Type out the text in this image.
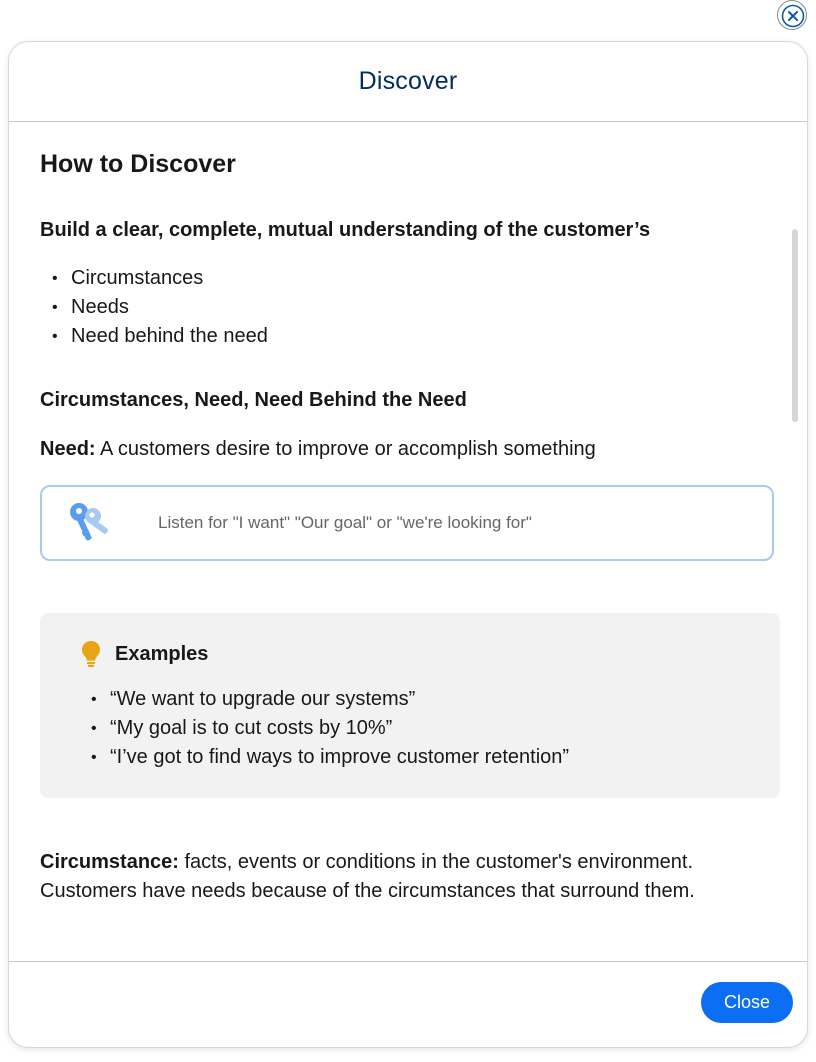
Discover
How to Discover
Build a clear, complete, mutual understanding of the customer’s
• Circumstances
• Needs
• Need behind the need
Circumstances, Need, Need Behind the Need
Need: A customers desire to improve or accomplish something
Listen for "I want" "Our goal" or "we're looking for"
Examples
• “We want to upgrade our systems”
• “My goal is to cut costs by 10%”
• “I’ve got to find ways to improve customer retention”
Circumstance: facts, events or conditions in the customer's environment. Customers have needs because of the circumstances that surround them.
Close
